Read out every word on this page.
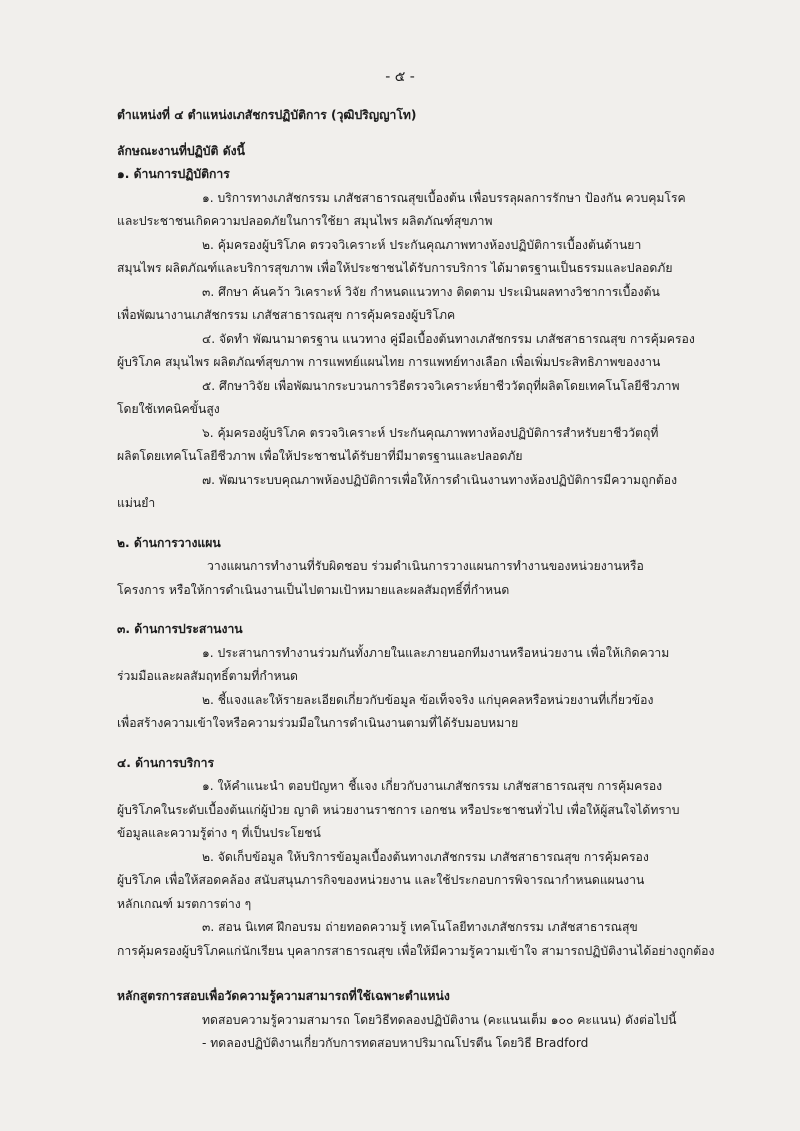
- ๕ -
ตำแหน่งที่ ๔ ตำแหน่งเภสัชกรปฏิบัติการ (วุฒิปริญญาโท)
ลักษณะงานที่ปฏิบัติ ดังนี้
๑. ด้านการปฏิบัติการ
๑. บริการทางเภสัชกรรม เภสัชสาธารณสุขเบื้องต้น เพื่อบรรลุผลการรักษา ป้องกัน ควบคุมโรค
และประชาชนเกิดความปลอดภัยในการใช้ยา สมุนไพร ผลิตภัณฑ์สุขภาพ
๒. คุ้มครองผู้บริโภค ตรวจวิเคราะห์ ประกันคุณภาพทางห้องปฏิบัติการเบื้องต้นด้านยา
สมุนไพร ผลิตภัณฑ์และบริการสุขภาพ เพื่อให้ประชาชนได้รับการบริการ ได้มาตรฐานเป็นธรรมและปลอดภัย
๓. ศึกษา ค้นคว้า วิเคราะห์ วิจัย กำหนดแนวทาง ติดตาม ประเมินผลทางวิชาการเบื้องต้น
เพื่อพัฒนางานเภสัชกรรม เภสัชสาธารณสุข การคุ้มครองผู้บริโภค
๔. จัดทำ พัฒนามาตรฐาน แนวทาง คู่มือเบื้องต้นทางเภสัชกรรม เภสัชสาธารณสุข การคุ้มครอง
ผู้บริโภค สมุนไพร ผลิตภัณฑ์สุขภาพ การแพทย์แผนไทย การแพทย์ทางเลือก เพื่อเพิ่มประสิทธิภาพของงาน
๕. ศึกษาวิจัย เพื่อพัฒนากระบวนการวิธีตรวจวิเคราะห์ยาชีววัตถุที่ผลิตโดยเทคโนโลยีชีวภาพ
โดยใช้เทคนิคขั้นสูง
๖. คุ้มครองผู้บริโภค ตรวจวิเคราะห์ ประกันคุณภาพทางห้องปฏิบัติการสำหรับยาชีววัตถุที่
ผลิตโดยเทคโนโลยีชีวภาพ เพื่อให้ประชาชนได้รับยาที่มีมาตรฐานและปลอดภัย
๗. พัฒนาระบบคุณภาพห้องปฏิบัติการเพื่อให้การดำเนินงานทางห้องปฏิบัติการมีความถูกต้อง
แม่นยำ
๒. ด้านการวางแผน
วางแผนการทำงานที่รับผิดชอบ ร่วมดำเนินการวางแผนการทำงานของหน่วยงานหรือ
โครงการ หรือให้การดำเนินงานเป็นไปตามเป้าหมายและผลสัมฤทธิ์ที่กำหนด
๓. ด้านการประสานงาน
๑. ประสานการทำงานร่วมกันทั้งภายในและภายนอกทีมงานหรือหน่วยงาน เพื่อให้เกิดความ
ร่วมมือและผลสัมฤทธิ์ตามที่กำหนด
๒. ชี้แจงและให้รายละเอียดเกี่ยวกับข้อมูล ข้อเท็จจริง แก่บุคคลหรือหน่วยงานที่เกี่ยวข้อง
เพื่อสร้างความเข้าใจหรือความร่วมมือในการดำเนินงานตามที่ได้รับมอบหมาย
๔. ด้านการบริการ
๑. ให้คำแนะนำ ตอบปัญหา ชี้แจง เกี่ยวกับงานเภสัชกรรม เภสัชสาธารณสุข การคุ้มครอง
ผู้บริโภคในระดับเบื้องต้นแก่ผู้ป่วย ญาติ หน่วยงานราชการ เอกชน หรือประชาชนทั่วไป เพื่อให้ผู้สนใจได้ทราบ
ข้อมูลและความรู้ต่าง ๆ ที่เป็นประโยชน์
๒. จัดเก็บข้อมูล ให้บริการข้อมูลเบื้องต้นทางเภสัชกรรม เภสัชสาธารณสุข การคุ้มครอง
ผู้บริโภค เพื่อให้สอดคล้อง สนับสนุนภารกิจของหน่วยงาน และใช้ประกอบการพิจารณากำหนดแผนงาน
หลักเกณฑ์ มรตการต่าง ๆ
๓. สอน นิเทศ ฝึกอบรม ถ่ายทอดความรู้ เทคโนโลยีทางเภสัชกรรม เภสัชสาธารณสุข
การคุ้มครองผู้บริโภคแก่นักเรียน บุคลากรสาธารณสุข เพื่อให้มีความรู้ความเข้าใจ สามารถปฏิบัติงานได้อย่างถูกต้อง
หลักสูตรการสอบเพื่อวัดความรู้ความสามารถที่ใช้เฉพาะตำแหน่ง
ทดสอบความรู้ความสามารถ โดยวิธีทดลองปฏิบัติงาน (คะแนนเต็ม ๑๐๐ คะแนน) ดังต่อไปนี้
- ทดลองปฏิบัติงานเกี่ยวกับการทดสอบหาปริมาณโปรตีน โดยวิธี Bradford
